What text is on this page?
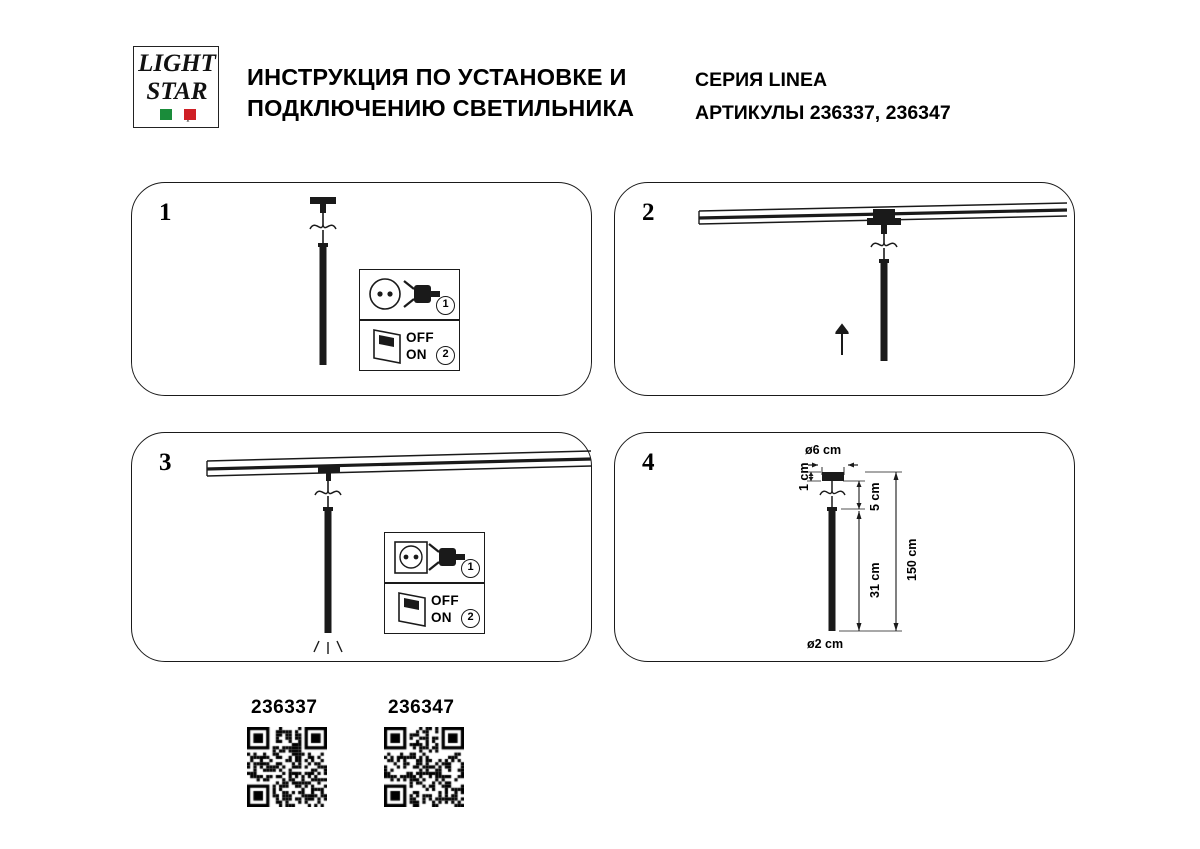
LIGHT
STAR
ИНСТРУКЦИЯ ПО УСТАНОВКЕ И ПОДКЛЮЧЕНИЮ СВЕТИЛЬНИКА
СЕРИЯ LINEA
АРТИКУЛЫ 236337, 236347
1
1
OFF
ON	2
2
3
1
OFF
ON	2
4	ø6 cm
1 cm
5 cm
31 cm 150 cm
ø2 cm
236337	236347
